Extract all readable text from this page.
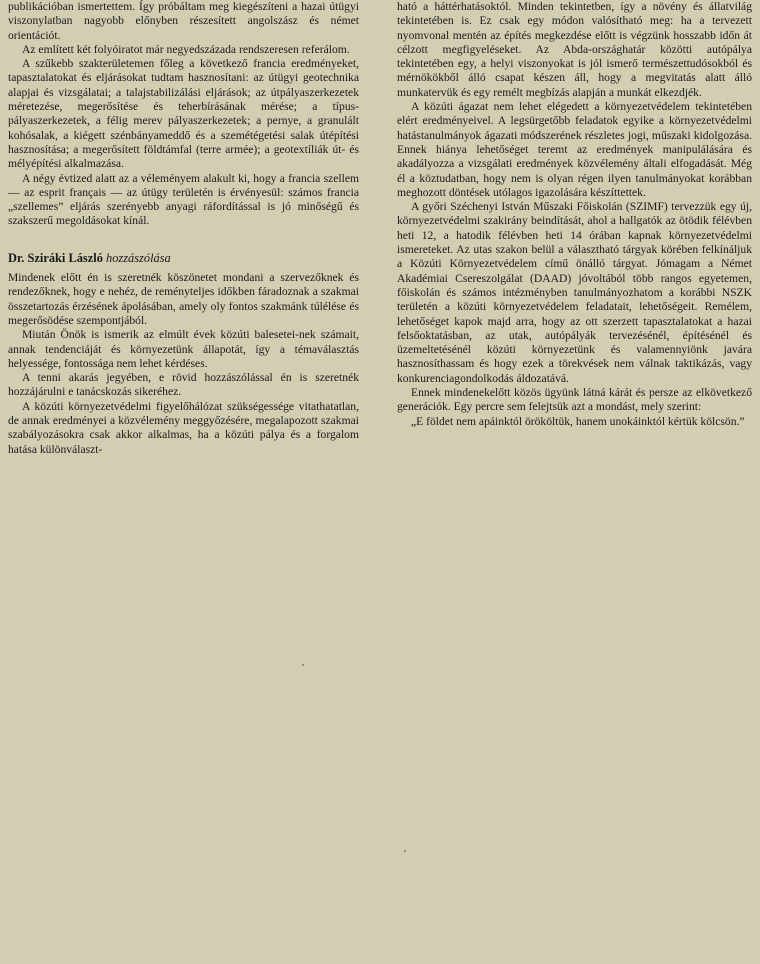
publikációban ismertettem. Így próbáltam meg kiegészíteni a hazai útügyi viszonylatban nagyobb előnyben részesített angolszász és német orientációt.

Az említett két folyóiratot már negyedszázada rendszeresen referálom.

A szűkebb szakterületemen főleg a következő francia eredményeket, tapasztalatokat és eljárásokat tudtam hasznosítani: az útügyi geotechnika alapjai és vizsgálatai; a talajstabilizálási eljárások; az útpályaszerkezetek méretezése, megerősítése és teherbírásának mérése; a típus-pályaszerkezetek, a félig merev pályaszerkezetek; a pernye, a granulált kohósalak, a kiégett szénbányameddő és a szemétégetési salak útépítési hasznosítása; a megerősített földtámfal (terre armée); a geotextíliák út- és mélyépítési alkalmazása.

A négy évtized alatt az a véleményem alakult ki, hogy a francia szellem — az esprit français — az útügy területén is érvényesül: számos francia „szellemes” eljárás szerényebb anyagi ráfordítással is jó minőségű és szakszerű megoldásokat kínál.

Dr. Sziráki László hozzászólása

Mindenek előtt én is szeretnék köszönetet mondani a szervezőknek és rendezőknek, hogy e nehéz, de reményteljes időkben fáradoznak a szakmai összetartozás érzésének ápolásában, amely oly fontos szakmánk túlélése és megerősödése szempontjából.

Miután Önök is ismerik az elmúlt évek közúti balesetei-nek számait, annak tendenciáját és környezetünk állapotát, így a témaválasztás helyessége, fontossága nem lehet kérdéses.

A tenni akarás jegyében, e rövid hozzászólással én is szeretnék hozzájárulni e tanácskozás sikeréhez.

A közúti környezetvédelmi figyelőhálózat szükségessége vitathatatlan, de annak eredményei a közvélemény meggyőzésére, megalapozott szakmai szabályozásokra csak akkor alkalmas, ha a közúti pálya és a forgalom hatása különválaszt-

ható a háttérhatásoktól. Minden tekintetben, így a növény és állatvilág tekintetében is. Ez csak egy módon valósítható meg: ha a tervezett nyomvonal mentén az építés megkezdése előtt is végzünk hosszabb időn át célzott megfigyeléseket. Az Abda-országhatár közötti autópálya tekintetében egy, a helyi viszonyokat is jól ismerő természettudósokból és mérnökökből álló csapat készen áll, hogy a megvitatás alatt álló munkatervük és egy remélt megbízás alapján a munkát elkezdjék.

A közúti ágazat nem lehet elégedett a környezetvédelem tekintetében elért eredményeivel. A legsürgetőbb feladatok egyike a környezetvédelmi hatástanulmányok ágazati módszerének részletes jogi, műszaki kidolgozása. Ennek hiánya lehetőséget teremt az eredmények manipulálására és akadályozza a vizsgálati eredmények közvélemény általi elfogadását. Még él a köztudatban, hogy nem is olyan régen ilyen tanulmányokat korábban meghozott döntések utólagos igazolására készíttettek.

A győri Széchenyi István Műszaki Főiskolán (SZIMF) tervezzük egy új, környezetvédelmi szakirány beindítását, ahol a hallgatók az ötödik félévben heti 12, a hatodik félévben heti 14 órában kapnak környezetvédelmi ismereteket. Az utas szakon belül a választható tárgyak körében felkínáljuk a Közúti Környezetvédelem című önálló tárgyat. Jómagam a Német Akadémiai Csereszolgálat (DAAD) jóvoltából több rangos egyetemen, főiskolán és számos intézményben tanulmányozhatom a korábbi NSZK területén a közúti környezetvédelem feladatait, lehetőségeit. Remélem, lehetőséget kapok majd arra, hogy az ott szerzett tapasztalatokat a hazai felsőoktatásban, az utak, autópályák tervezésénél, építésénél és üzemeltetésénél közúti környezetünk és valamennyiönk javára hasznosíthassam és hogy ezek a törekvések nem válnak taktikázás, vagy konkurenciagondolkodás áldozatává.

Ennek mindenekelőtt közös ügyünk látná kárát és persze az elkövetkező generációk. Egy percre sem felejtsük azt a mondást, mely szerint:

„E földet nem apáinktól örököltük, hanem unokáinktól kértük kölcsön.”
